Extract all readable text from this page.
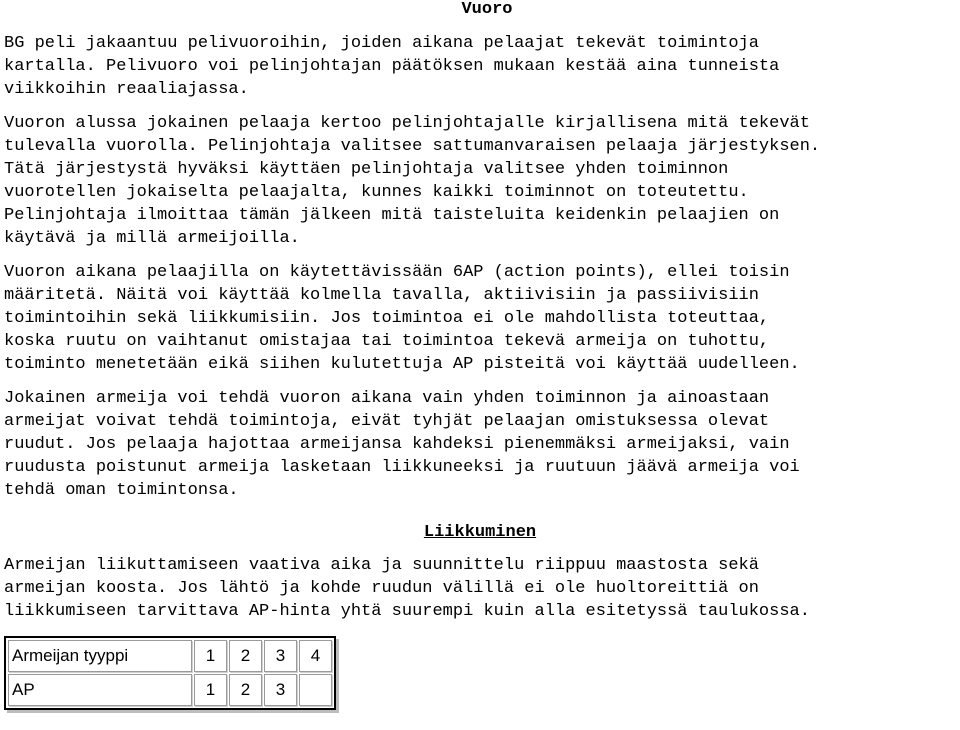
Vuoro

BG peli jakaantuu pelivuoroihin, joiden aikana pelaajat tekevät toimintoja
kartalla. Pelivuoro voi pelinjohtajan päätöksen mukaan kestää aina tunneista
viikkoihin reaaliajassa.

Vuoron alussa jokainen pelaaja kertoo pelinjohtajalle kirjallisena mitä tekevät
tulevalla vuorolla. Pelinjohtaja valitsee sattumanvaraisen pelaaja järjestyksen.
Tätä järjestystä hyväksi käyttäen pelinjohtaja valitsee yhden toiminnon
vuorotellen jokaiselta pelaajalta, kunnes kaikki toiminnot on toteutettu.
Pelinjohtaja ilmoittaa tämän jälkeen mitä taisteluita keidenkin pelaajien on
käytävä ja millä armeijoilla.

Vuoron aikana pelaajilla on käytettävissään 6AP (action points), ellei toisin
määritetä. Näitä voi käyttää kolmella tavalla, aktiivisiin ja passiivisiin
toimintoihin sekä liikkumisiin. Jos toimintoa ei ole mahdollista toteuttaa,
koska ruutu on vaihtanut omistajaa tai toimintoa tekevä armeija on tuhottu,
toiminto menetetään eikä siihen kulutettuja AP pisteitä voi käyttää uudelleen.

Jokainen armeija voi tehdä vuoron aikana vain yhden toiminnon ja ainoastaan
armeijat voivat tehdä toimintoja, eivät tyhjät pelaajan omistuksessa olevat
ruudut. Jos pelaaja hajottaa armeijansa kahdeksi pienemmäksi armeijaksi, vain
ruudusta poistunut armeija lasketaan liikkuneeksi ja ruutuun jäävä armeija voi
tehdä oman toimintonsa.

Liikkuminen

Armeijan liikuttamiseen vaativa aika ja suunnittelu riippuu maastosta sekä
armeijan koosta. Jos lähtö ja kohde ruudun välillä ei ole huoltoreittiä on
liikkumiseen tarvittava AP-hinta yhtä suurempi kuin alla esitetyssä taulukossa.

Armeijan tyyppi	1	2	3	4
AP	1	2	3	
